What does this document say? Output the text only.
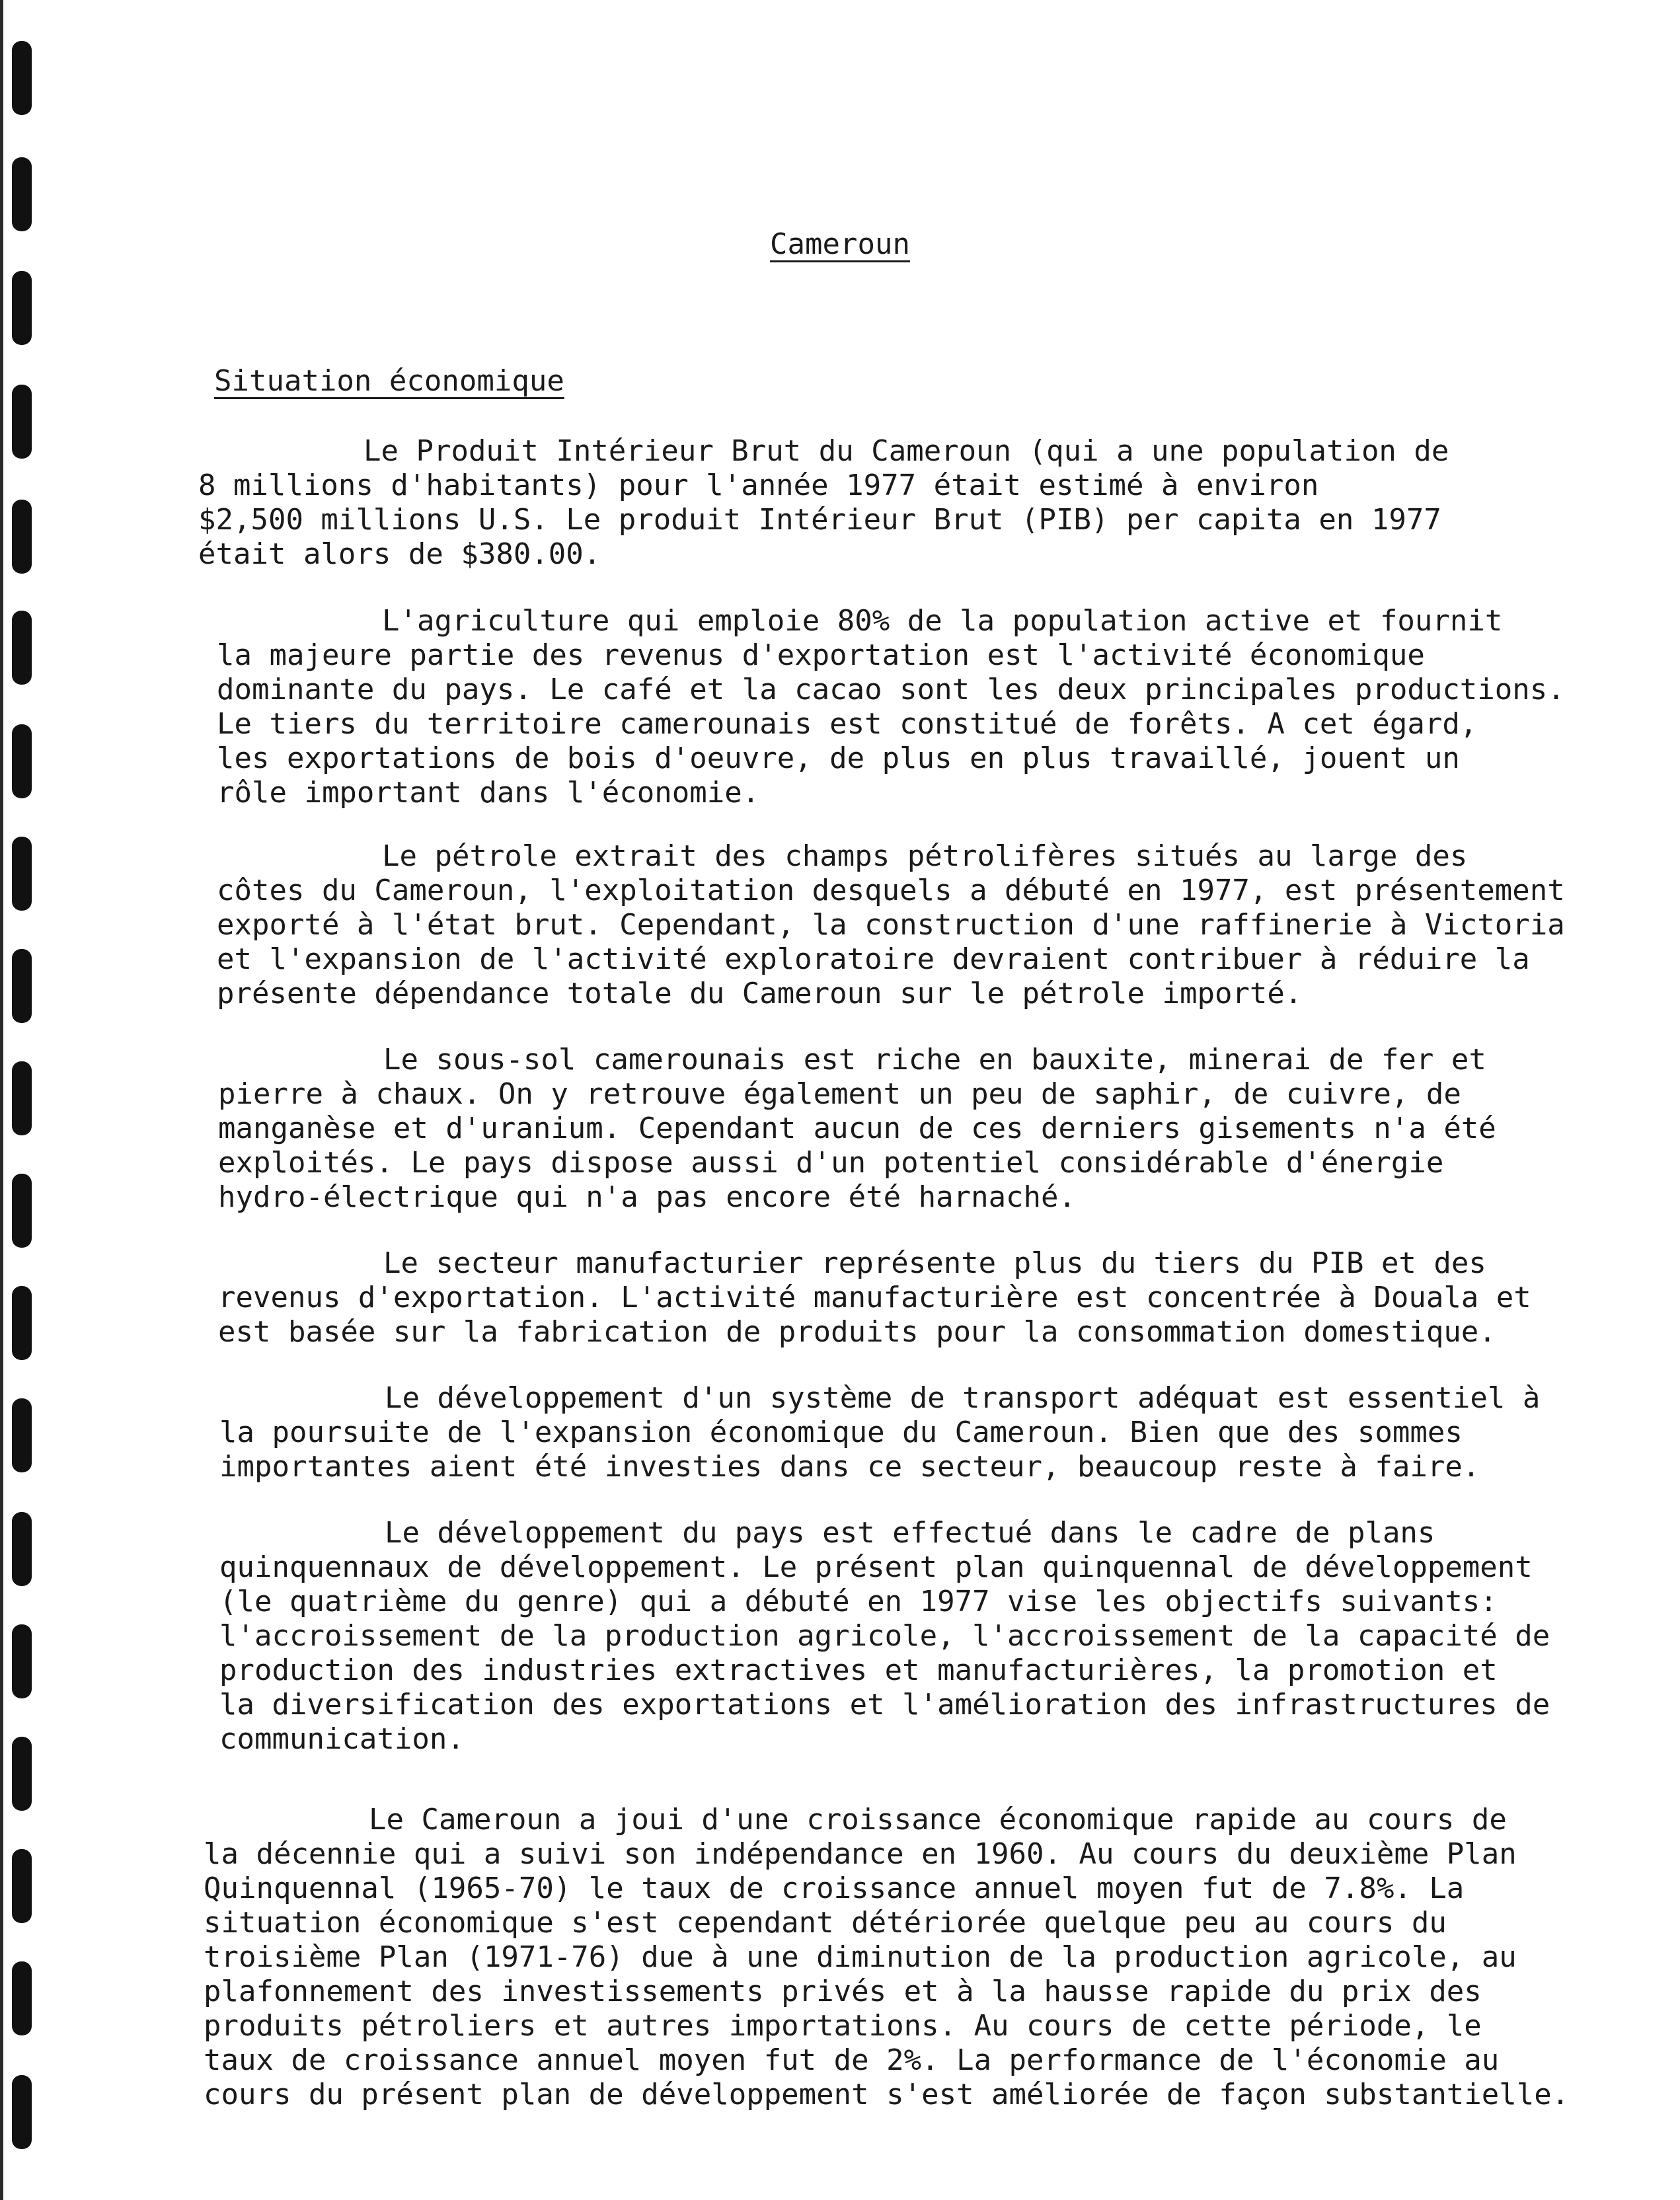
Cameroun
Situation économique
Le Produit Intérieur Brut du Cameroun (qui a une population de
8 millions d'habitants) pour l'année 1977 était estimé à environ
$2,500 millions U.S. Le produit Intérieur Brut (PIB) per capita en 1977
était alors de $380.00.
L'agriculture qui emploie 80% de la population active et fournit
la majeure partie des revenus d'exportation est l'activité économique
dominante du pays. Le café et la cacao sont les deux principales productions.
Le tiers du territoire camerounais est constitué de forêts. A cet égard,
les exportations de bois d'oeuvre, de plus en plus travaillé, jouent un
rôle important dans l'économie.
Le pétrole extrait des champs pétrolifères situés au large des
côtes du Cameroun, l'exploitation desquels a débuté en 1977, est présentement
exporté à l'état brut. Cependant, la construction d'une raffinerie à Victoria
et l'expansion de l'activité exploratoire devraient contribuer à réduire la
présente dépendance totale du Cameroun sur le pétrole importé.
Le sous-sol camerounais est riche en bauxite, minerai de fer et
pierre à chaux. On y retrouve également un peu de saphir, de cuivre, de
manganèse et d'uranium. Cependant aucun de ces derniers gisements n'a été
exploités. Le pays dispose aussi d'un potentiel considérable d'énergie
hydro-électrique qui n'a pas encore été harnaché.
Le secteur manufacturier représente plus du tiers du PIB et des
revenus d'exportation. L'activité manufacturière est concentrée à Douala et
est basée sur la fabrication de produits pour la consommation domestique.
Le développement d'un système de transport adéquat est essentiel à
la poursuite de l'expansion économique du Cameroun. Bien que des sommes
importantes aient été investies dans ce secteur, beaucoup reste à faire.
Le développement du pays est effectué dans le cadre de plans
quinquennaux de développement. Le présent plan quinquennal de développement
(le quatrième du genre) qui a débuté en 1977 vise les objectifs suivants:
l'accroissement de la production agricole, l'accroissement de la capacité de
production des industries extractives et manufacturières, la promotion et
la diversification des exportations et l'amélioration des infrastructures de
communication.
Le Cameroun a joui d'une croissance économique rapide au cours de
la décennie qui a suivi son indépendance en 1960. Au cours du deuxième Plan
Quinquennal (1965-70) le taux de croissance annuel moyen fut de 7.8%. La
situation économique s'est cependant détériorée quelque peu au cours du
troisième Plan (1971-76) due à une diminution de la production agricole, au
plafonnement des investissements privés et à la hausse rapide du prix des
produits pétroliers et autres importations. Au cours de cette période, le
taux de croissance annuel moyen fut de 2%. La performance de l'économie au
cours du présent plan de développement s'est améliorée de façon substantielle.
